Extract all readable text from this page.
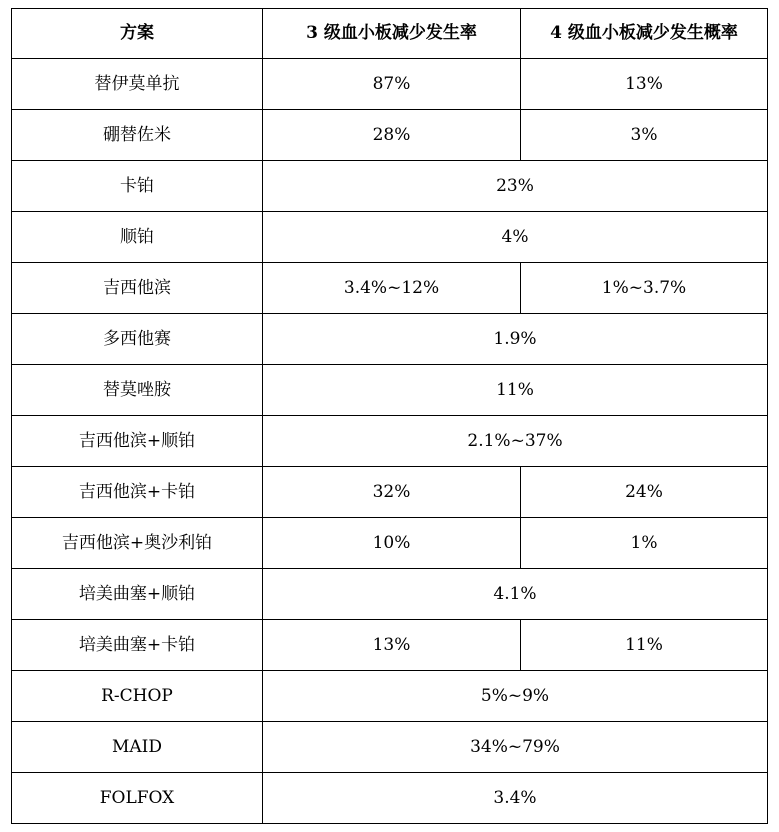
方案	3 级血小板减少发生率	4 级血小板减少发生概率
替伊莫单抗	87%	13%
硼替佐米	28%	3%
卡铂	23%	
顺铂	4%	
吉西他滨	3.4%~12%	1%~3.7%
多西他赛	1.9%	
替莫唑胺	11%	
吉西他滨+顺铂	2.1%~37%	
吉西他滨+卡铂	32%	24%
吉西他滨+奥沙利铂	10%	1%
培美曲塞+顺铂	4.1%	
培美曲塞+卡铂	13%	11%
R-CHOP	5%~9%	
MAID	34%~79%	
FOLFOX	3.4%	
